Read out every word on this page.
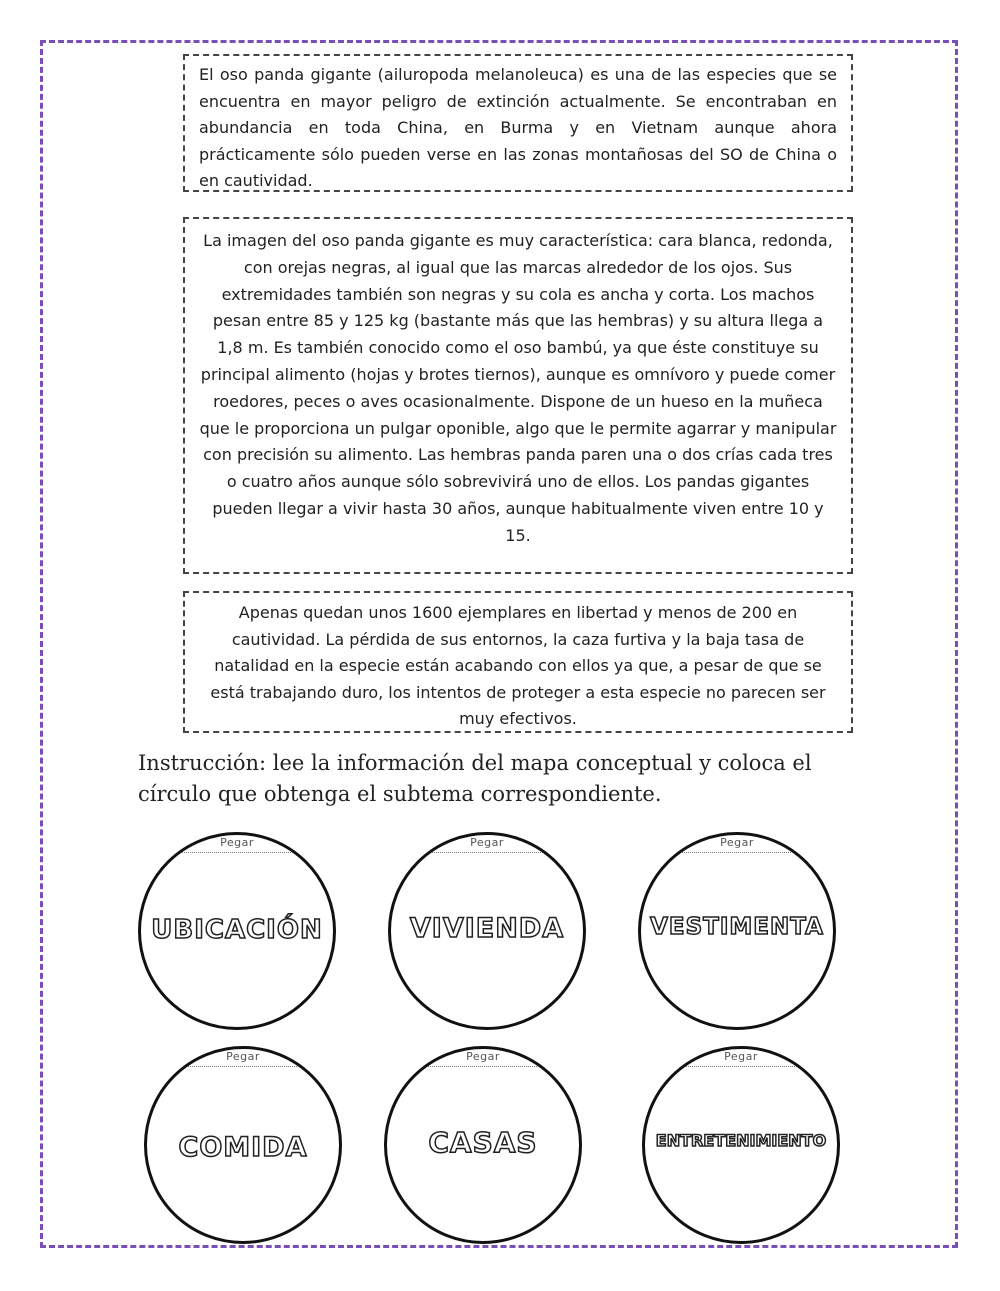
El oso panda gigante (ailuropoda melanoleuca) es una de las especies que se encuentra en mayor peligro de extinción actualmente. Se encontraban en abundancia en toda China, en Burma y en Vietnam aunque ahora prácticamente sólo pueden verse en las zonas montañosas del SO de China o en cautividad.
La imagen del oso panda gigante es muy característica: cara blanca, redonda, con orejas negras, al igual que las marcas alrededor de los ojos. Sus extremidades también son negras y su cola es ancha y corta. Los machos pesan entre 85 y 125 kg (bastante más que las hembras) y su altura llega a 1,8 m. Es también conocido como el oso bambú, ya que éste constituye su principal alimento (hojas y brotes tiernos), aunque es omnívoro y puede comer roedores, peces o aves ocasionalmente. Dispone de un hueso en la muñeca que le proporciona un pulgar oponible, algo que le permite agarrar y manipular con precisión su alimento. Las hembras panda paren una o dos crías cada tres o cuatro años aunque sólo sobrevivirá uno de ellos. Los pandas gigantes pueden llegar a vivir hasta 30 años, aunque habitualmente viven entre 10 y 15.
Apenas quedan unos 1600 ejemplares en libertad y menos de 200 en cautividad. La pérdida de sus entornos, la caza furtiva y la baja tasa de natalidad en la especie están acabando con ellos ya que, a pesar de que se está trabajando duro, los intentos de proteger a esta especie no parecen ser muy efectivos.
Instrucción: lee la información del mapa conceptual y coloca el círculo que obtenga el subtema correspondiente.
Pegar
UBICACIÓN
Pegar
VIVIENDA
Pegar
VESTIMENTA
Pegar
COMIDA
Pegar
CASAS
Pegar
ENTRETENIMIENTO
